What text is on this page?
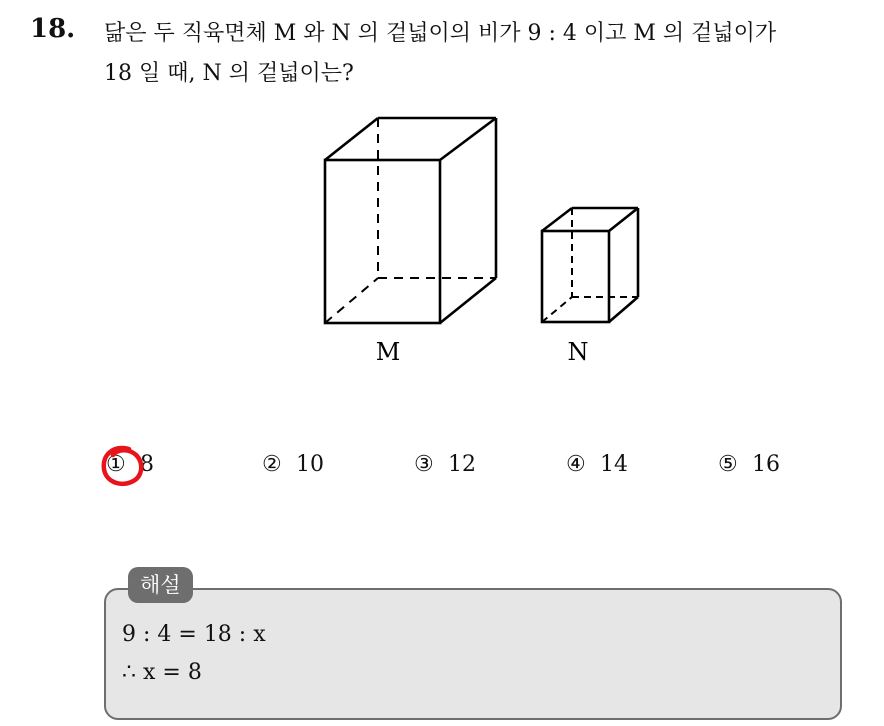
18. 닮은 두 직육면체 M 와 N 의 겉넓이의 비가 9 : 4 이고 M 의 겉넓이가
18 일 때, N 의 겉넓이는?
M	N
① 8	② 10	③ 12	④ 14	⑤ 16
해설
9 : 4 = 18 : x
∴ x = 8
